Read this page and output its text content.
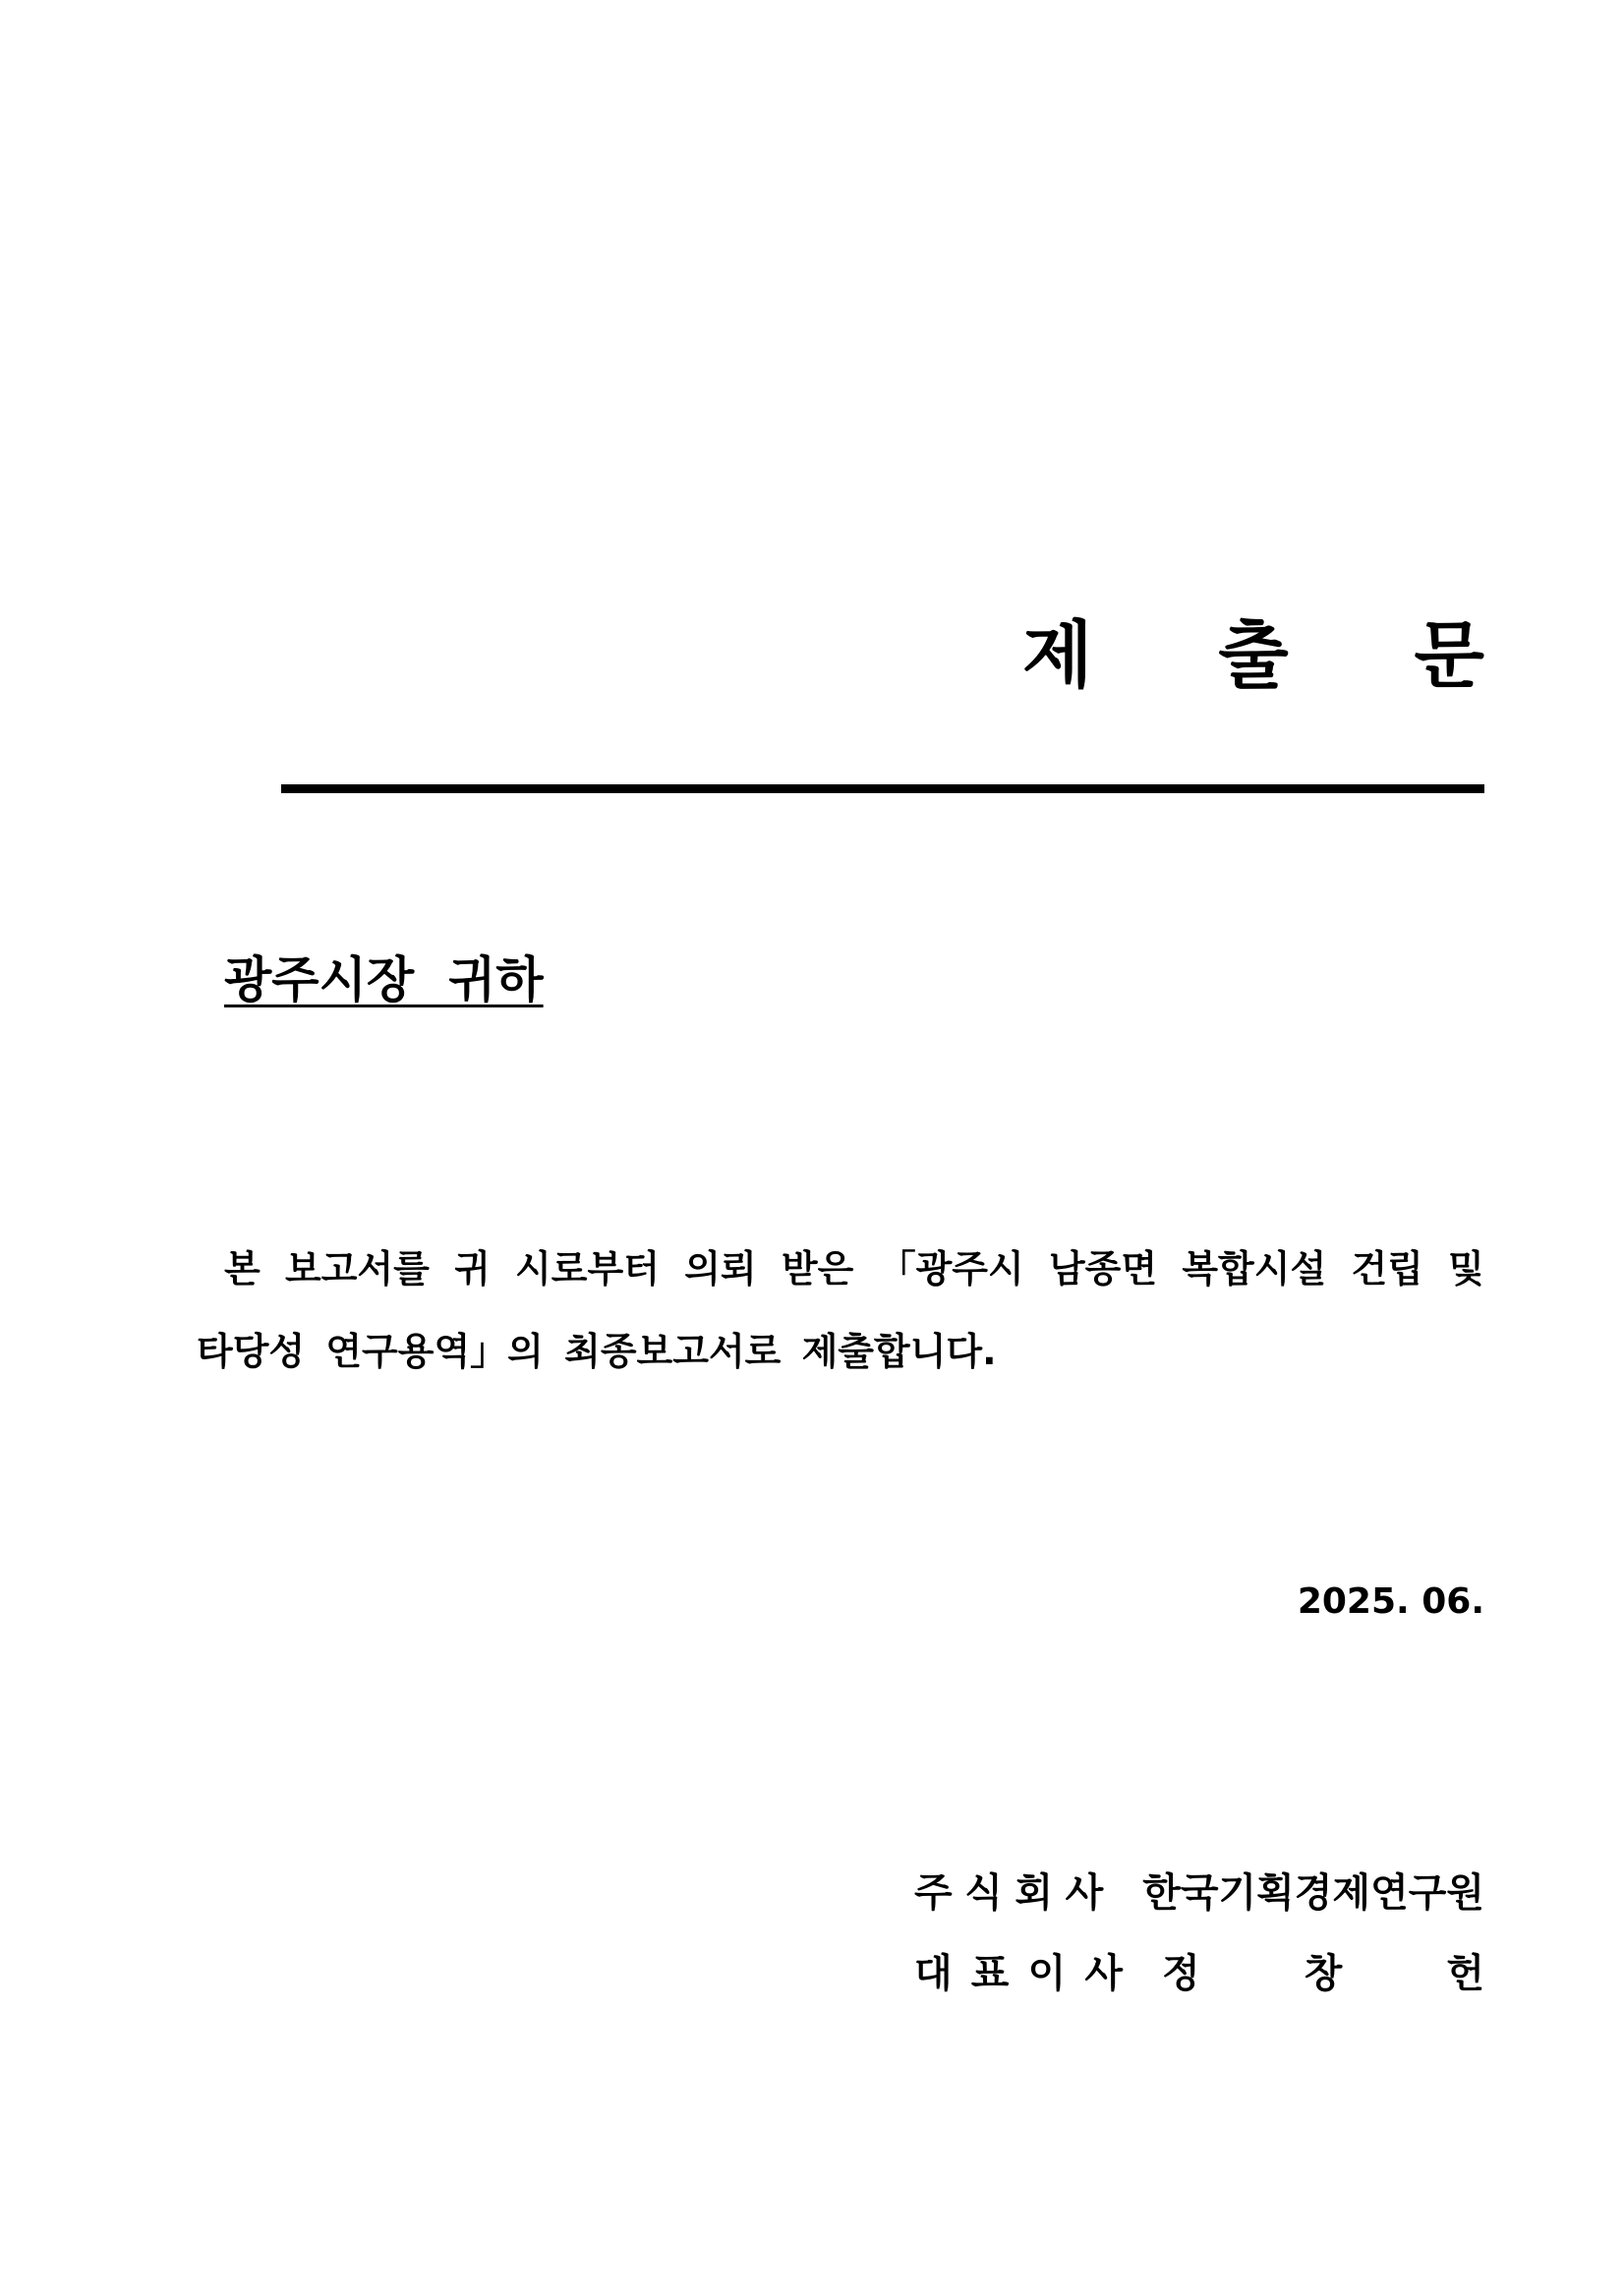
제 출 문
광주시장  귀하
본 보고서를 귀 시로부터 의뢰 받은 「광주시 남종면 복합시설 건립 및
타당성 연구용역」의 최종보고서로 제출합니다.
2025. 06.
주 식 회 사 한국기획경제연구원
대 표 이 사 정	창	헌
